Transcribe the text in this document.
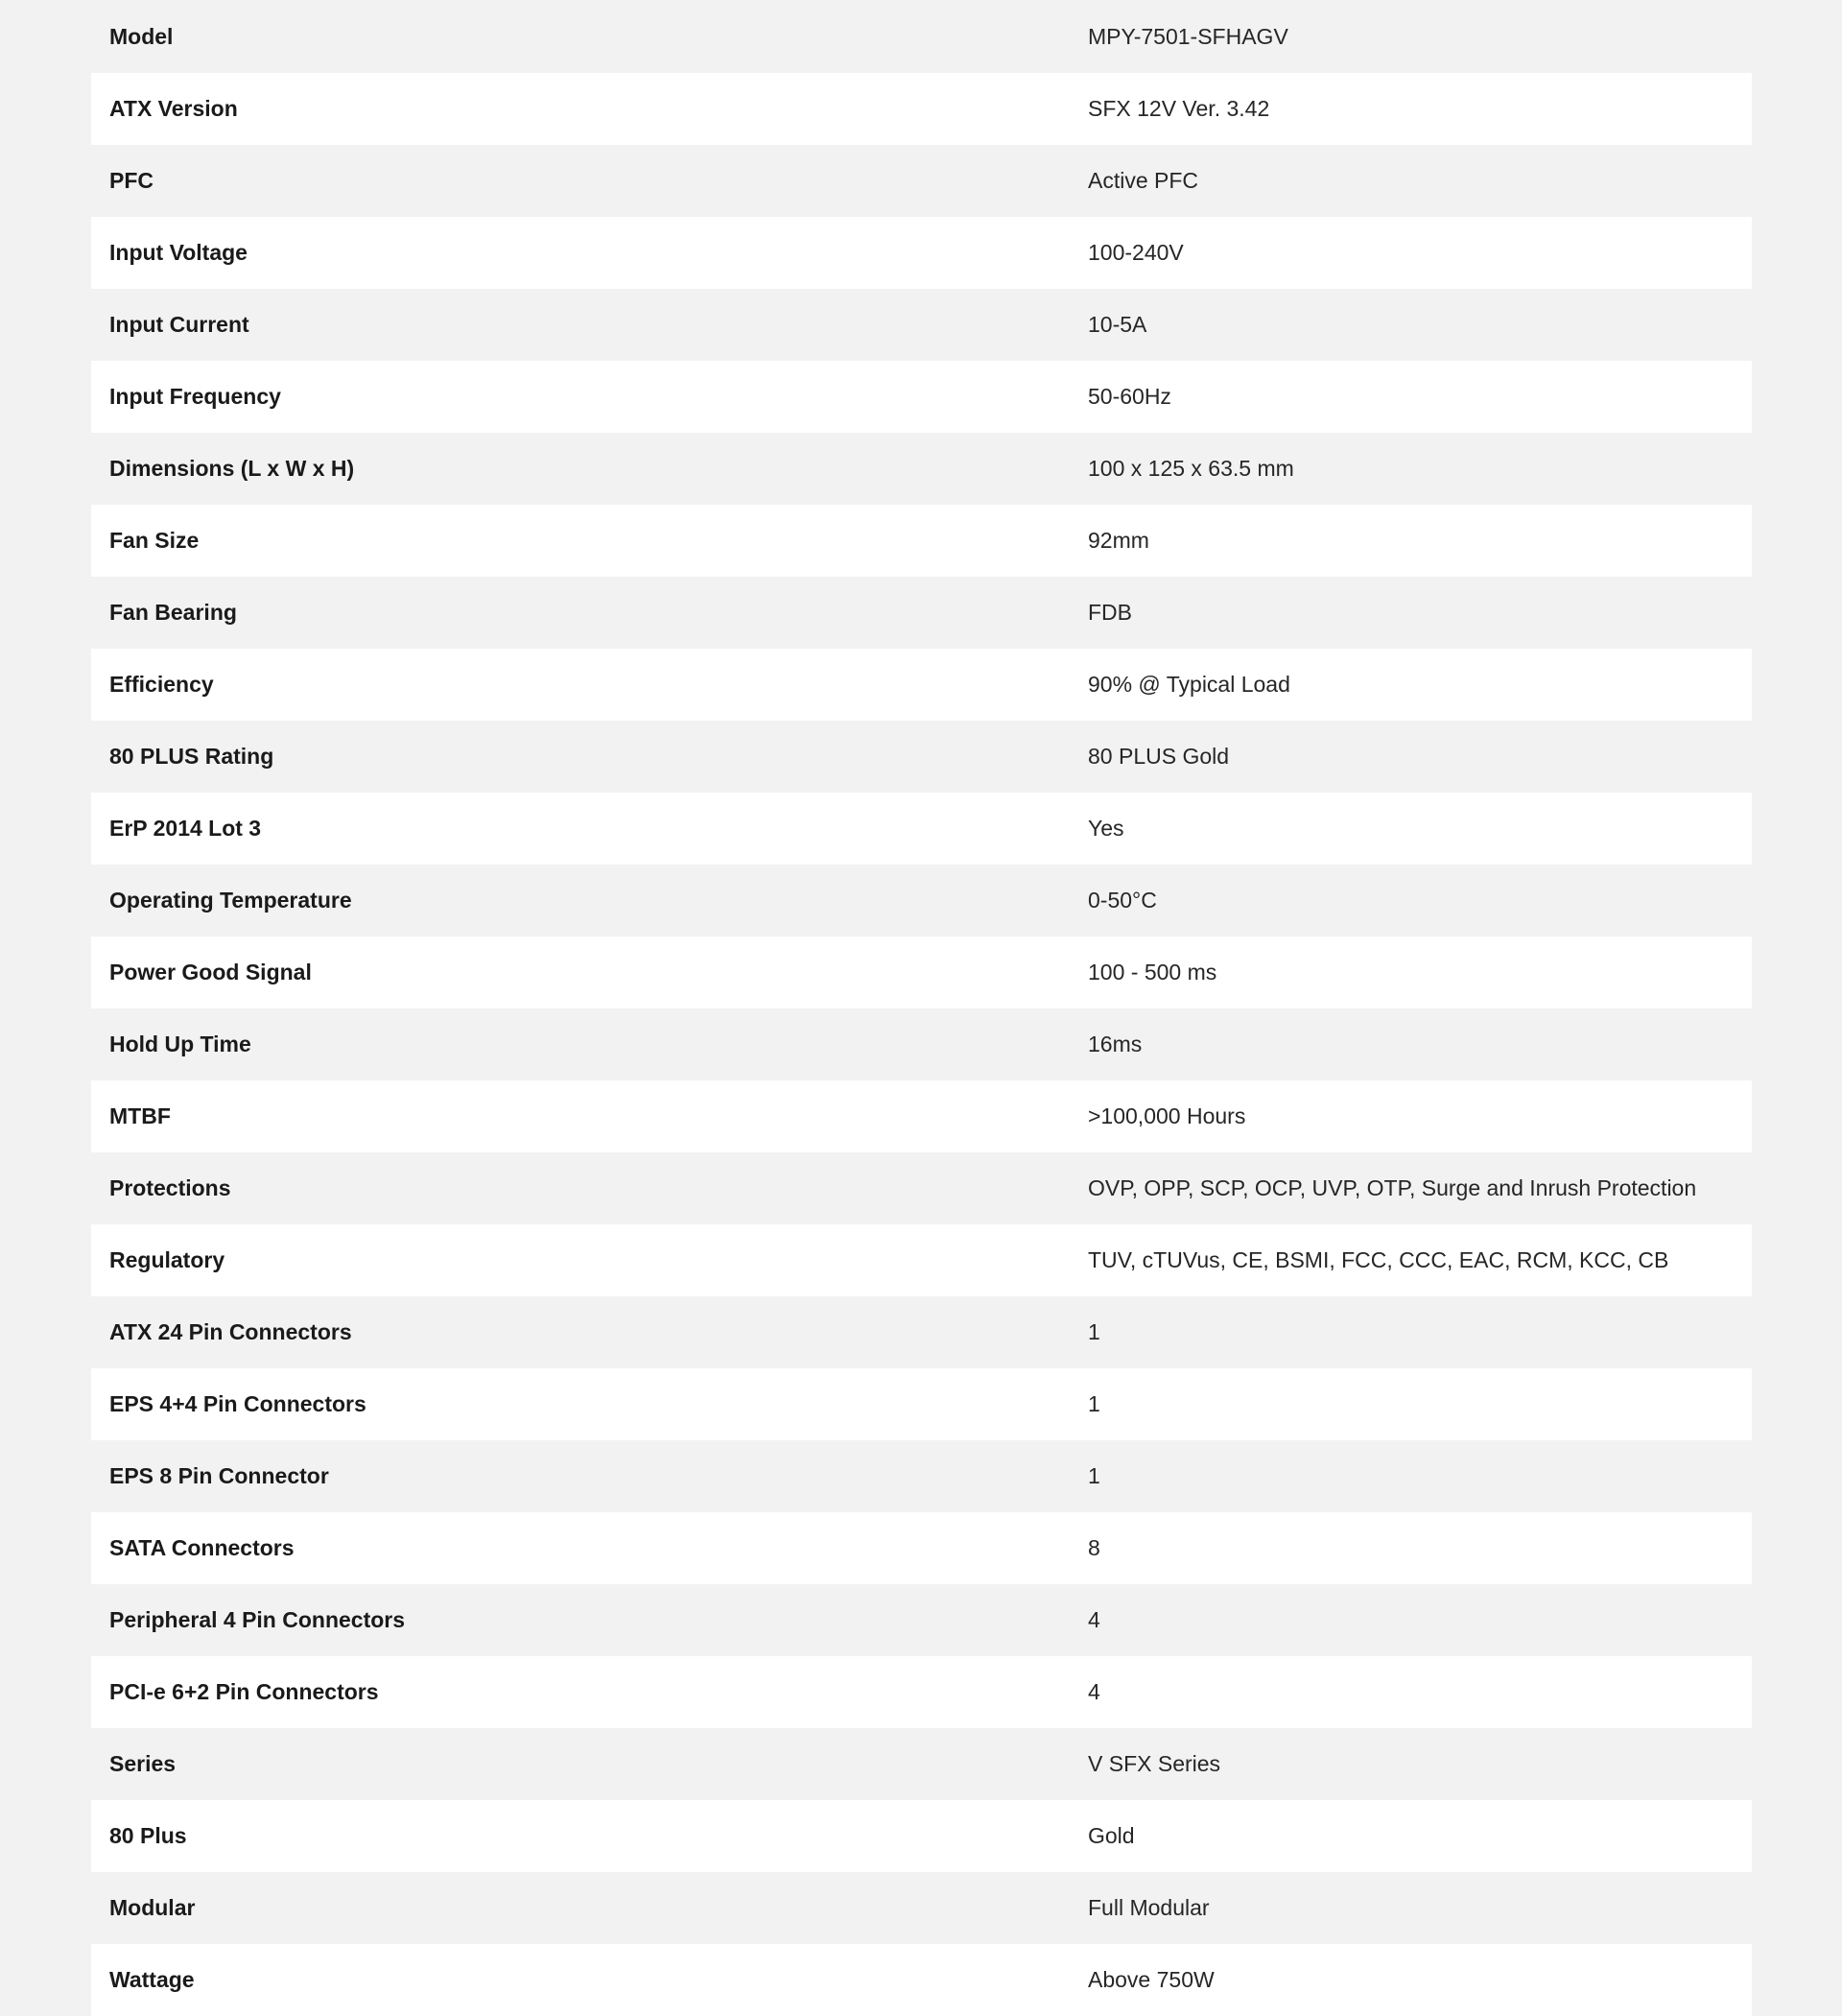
Model	MPY-7501-SFHAGV
ATX Version	SFX 12V Ver. 3.42
PFC	Active PFC
Input Voltage	100-240V
Input Current	10-5A
Input Frequency	50-60Hz
Dimensions (L x W x H)	100 x 125 x 63.5 mm
Fan Size	92mm
Fan Bearing	FDB
Efficiency	90% @ Typical Load
80 PLUS Rating	80 PLUS Gold
ErP 2014 Lot 3	Yes
Operating Temperature	0-50°C
Power Good Signal	100 - 500 ms
Hold Up Time	16ms
MTBF	>100,000 Hours
Protections	OVP, OPP, SCP, OCP, UVP, OTP, Surge and Inrush Protection
Regulatory	TUV, cTUVus, CE, BSMI, FCC, CCC, EAC, RCM, KCC, CB
ATX 24 Pin Connectors	1
EPS 4+4 Pin Connectors	1
EPS 8 Pin Connector	1
SATA Connectors	8
Peripheral 4 Pin Connectors	4
PCI-e 6+2 Pin Connectors	4
Series	V SFX Series
80 Plus	Gold
Modular	Full Modular
Wattage	Above 750W
